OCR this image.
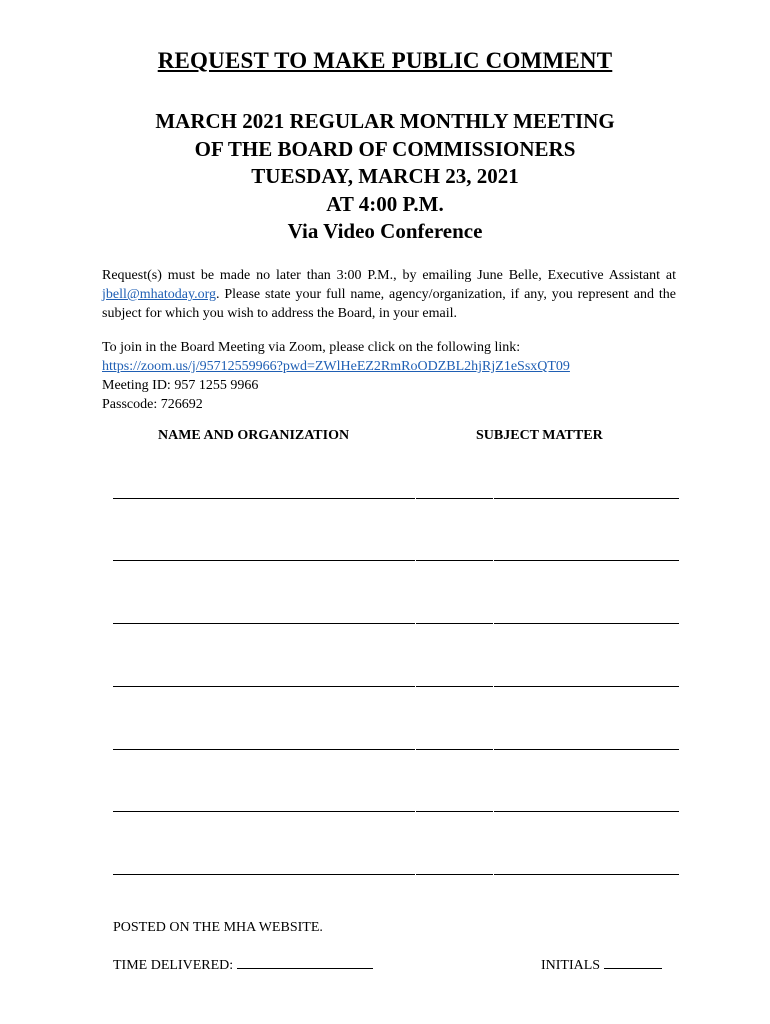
REQUEST TO MAKE PUBLIC COMMENT
MARCH 2021 REGULAR MONTHLY MEETING
OF THE BOARD OF COMMISSIONERS
TUESDAY, MARCH 23, 2021
AT 4:00 P.M.
Via Video Conference
Request(s) must be made no later than 3:00 P.M., by emailing June Belle, Executive Assistant at jbell@mhatoday.org. Please state your full name, agency/organization, if any, you represent and the subject for which you wish to address the Board, in your email.
To join in the Board Meeting via Zoom, please click on the following link:
https://zoom.us/j/95712559966?pwd=ZWlHeEZ2RmRoODZBL2hjRjZ1eSsxQT09
Meeting ID: 957 1255 9966
Passcode: 726692
NAME AND ORGANIZATION	SUBJECT MATTER
POSTED ON THE MHA WEBSITE.
TIME DELIVERED:	INITIALS
